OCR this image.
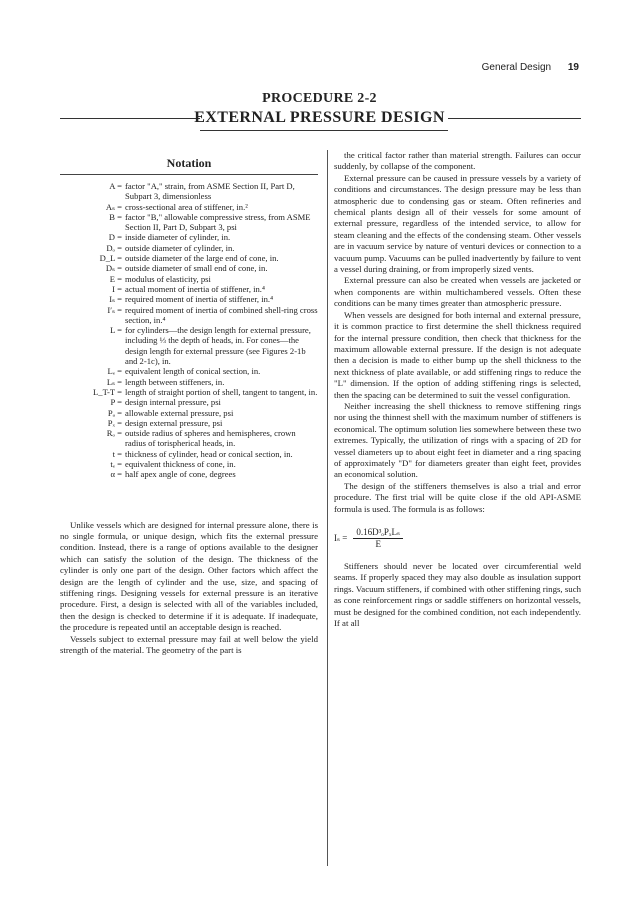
General Design 19
PROCEDURE 2-2
EXTERNAL PRESSURE DESIGN
Notation
A = factor "A," strain, from ASME Section II, Part D, Subpart 3, dimensionless
Aₛ = cross-sectional area of stiffener, in.²
B = factor "B," allowable compressive stress, from ASME Section II, Part D, Subpart 3, psi
D = inside diameter of cylinder, in.
Dₒ = outside diameter of cylinder, in.
D_L = outside diameter of the large end of cone, in.
Dₛ = outside diameter of small end of cone, in.
E = modulus of elasticity, psi
I = actual moment of inertia of stiffener, in.⁴
Iₛ = required moment of inertia of stiffener, in.⁴
I′ₛ = required moment of inertia of combined shell-ring cross section, in.⁴
L = for cylinders—the design length for external pressure, including ⅓ the depth of heads, in. For cones—the design length for external pressure (see Figures 2-1b and 2-1c), in.
Lₑ = equivalent length of conical section, in.
Lₛ = length between stiffeners, in.
L_T-T = length of straight portion of shell, tangent to tangent, in.
P = design internal pressure, psi
Pₐ = allowable external pressure, psi
Pₓ = design external pressure, psi
Rₒ = outside radius of spheres and hemispheres, crown radius of torispherical heads, in.
t = thickness of cylinder, head or conical section, in.
tₑ = equivalent thickness of cone, in.
α = half apex angle of cone, degrees

Unlike vessels which are designed for internal pressure alone, there is no single formula, or unique design, which fits the external pressure condition. Instead, there is a range of options available to the designer which can satisfy the solution of the design. The thickness of the cylinder is only one part of the design. Other factors which affect the design are the length of cylinder and the use, size, and spacing of stiffening rings. Designing vessels for external pressure is an iterative procedure. First, a design is selected with all of the variables included, then the design is checked to determine if it is adequate. If inadequate, the procedure is repeated until an acceptable design is reached.

Vessels subject to external pressure may fail at well below the yield strength of the material. The geometry of the part is

the critical factor rather than material strength. Failures can occur suddenly, by collapse of the component.

External pressure can be caused in pressure vessels by a variety of conditions and circumstances. The design pressure may be less than atmospheric due to condensing gas or steam. Often refineries and chemical plants design all of their vessels for some amount of external pressure, regardless of the intended service, to allow for steam cleaning and the effects of the condensing steam. Other vessels are in vacuum service by nature of venturi devices or connection to a vacuum pump. Vacuums can be pulled inadvertently by failure to vent a vessel during draining, or from improperly sized vents.

External pressure can also be created when vessels are jacketed or when components are within multichambered vessels. Often these conditions can be many times greater than atmospheric pressure.

When vessels are designed for both internal and external pressure, it is common practice to first determine the shell thickness required for the internal pressure condition, then check that thickness for the maximum allowable external pressure. If the design is not adequate then a decision is made to either bump up the shell thickness to the next thickness of plate available, or add stiffening rings to reduce the "L" dimension. If the option of adding stiffening rings is selected, then the spacing can be determined to suit the vessel configuration.

Neither increasing the shell thickness to remove stiffening rings nor using the thinnest shell with the maximum number of stiffeners is economical. The optimum solution lies somewhere between these two extremes. Typically, the utilization of rings with a spacing of 2D for vessel diameters up to about eight feet in diameter and a ring spacing of approximately "D" for diameters greater than eight feet, provides an economical solution.

The design of the stiffeners themselves is also a trial and error procedure. The first trial will be quite close if the old API-ASME formula is used. The formula is as follows:

$I_s = \frac{\text{0.16D³ₒPₓLₛ}}{E}$

Stiffeners should never be located over circumferential weld seams. If properly spaced they may also double as insulation support rings. Vacuum stiffeners, if combined with other stiffening rings, such as cone reinforcement rings or saddle stiffeners on horizontal vessels, must be designed for the combined condition, not each independently. If at all
